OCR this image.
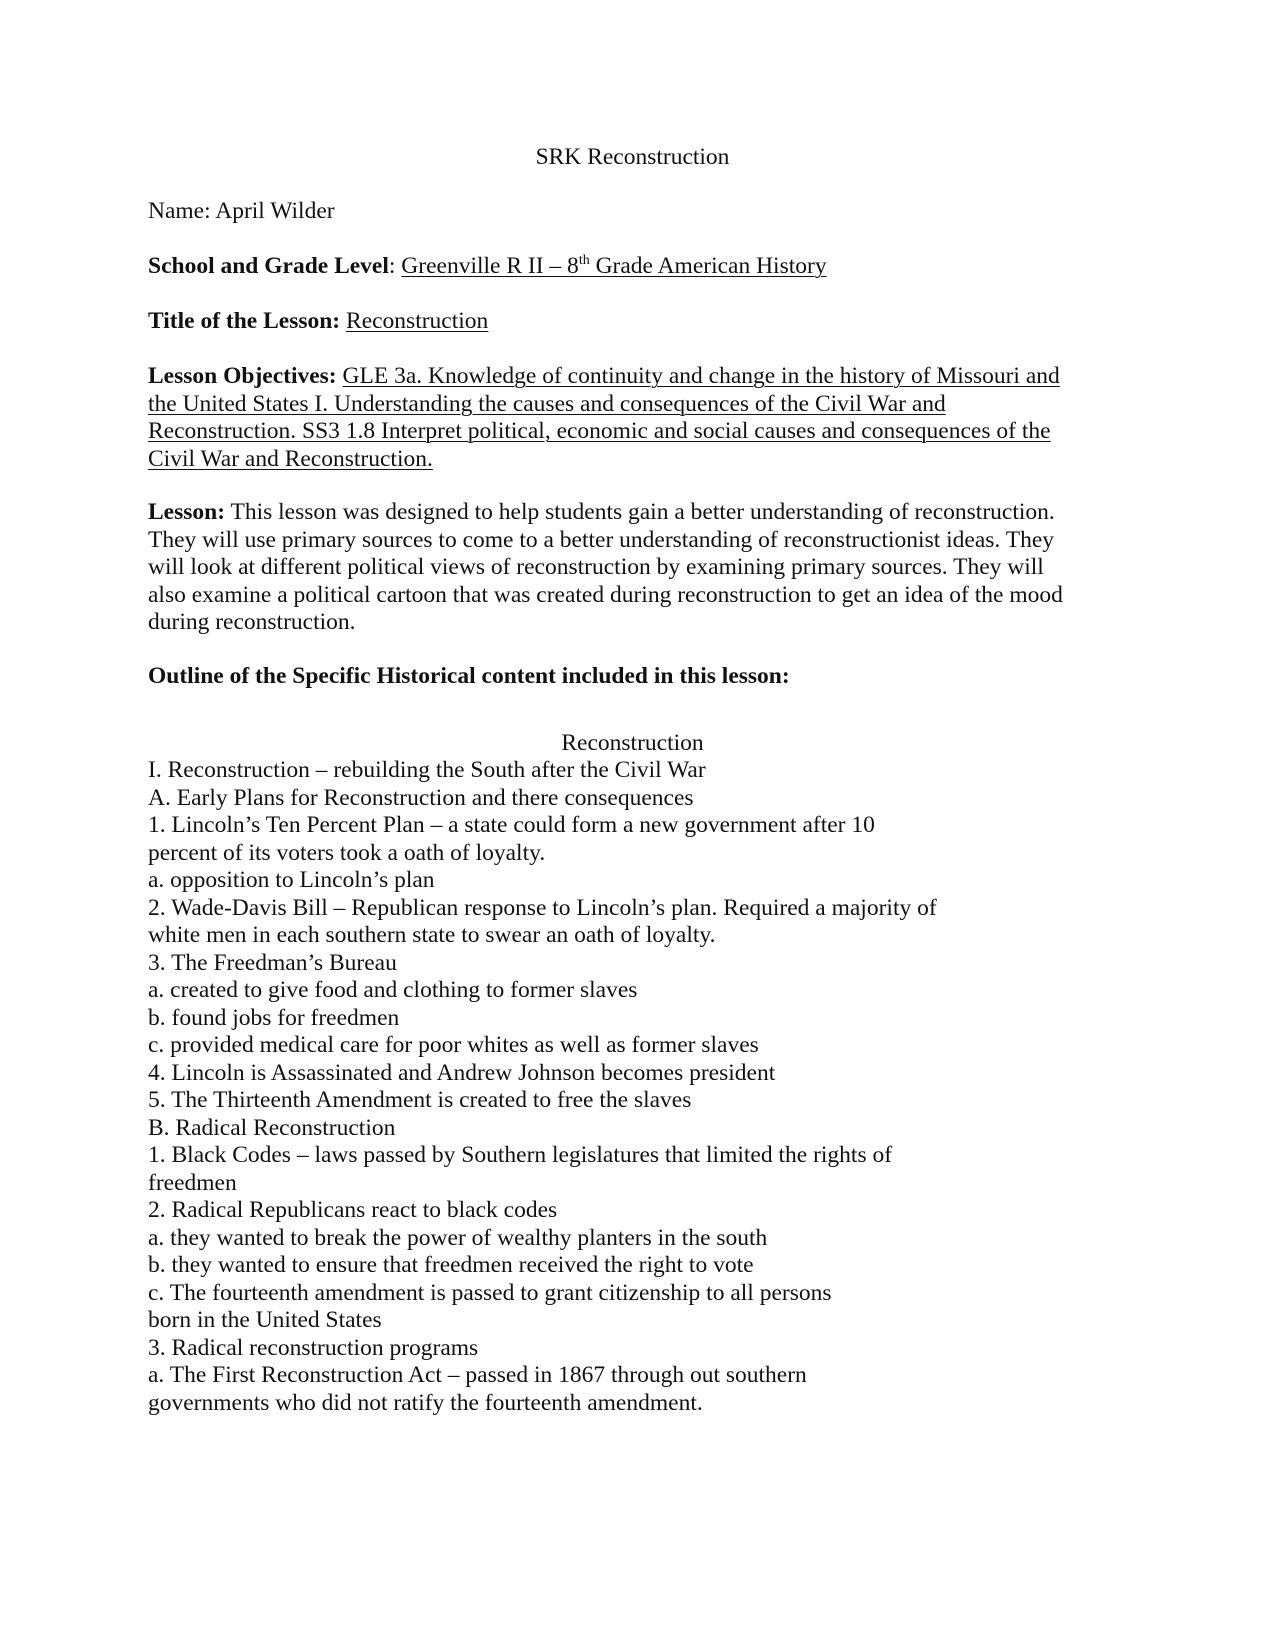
SRK Reconstruction
Name: April Wilder
School and Grade Level: Greenville R II – 8th Grade American History
Title of the Lesson: Reconstruction
Lesson Objectives: GLE 3a. Knowledge of continuity and change in the history of Missouri and the United States I. Understanding the causes and consequences of the Civil War and Reconstruction. SS3 1.8 Interpret political, economic and social causes and consequences of the Civil War and Reconstruction.
Lesson: This lesson was designed to help students gain a better understanding of reconstruction. They will use primary sources to come to a better understanding of reconstructionist ideas. They will look at different political views of reconstruction by examining primary sources. They will also examine a political cartoon that was created during reconstruction to get an idea of the mood during reconstruction.
Outline of the Specific Historical content included in this lesson:
Reconstruction
I. Reconstruction – rebuilding the South after the Civil War
A. Early Plans for Reconstruction and there consequences
1. Lincoln’s Ten Percent Plan – a state could form a new government after 10 percent of its voters took a oath of loyalty.
a. opposition to Lincoln’s plan
2. Wade-Davis Bill – Republican response to Lincoln’s plan. Required a majority of white men in each southern state to swear an oath of loyalty.
3. The Freedman’s Bureau
a. created to give food and clothing to former slaves
b. found jobs for freedmen
c. provided medical care for poor whites as well as former slaves
4. Lincoln is Assassinated and Andrew Johnson becomes president
5. The Thirteenth Amendment is created to free the slaves
B. Radical Reconstruction
1. Black Codes – laws passed by Southern legislatures that limited the rights of freedmen
2. Radical Republicans react to black codes
a. they wanted to break the power of wealthy planters in the south
b. they wanted to ensure that freedmen received the right to vote
c. The fourteenth amendment is passed to grant citizenship to all persons born in the United States
3. Radical reconstruction programs
a. The First Reconstruction Act – passed in 1867 through out southern governments who did not ratify the fourteenth amendment.
